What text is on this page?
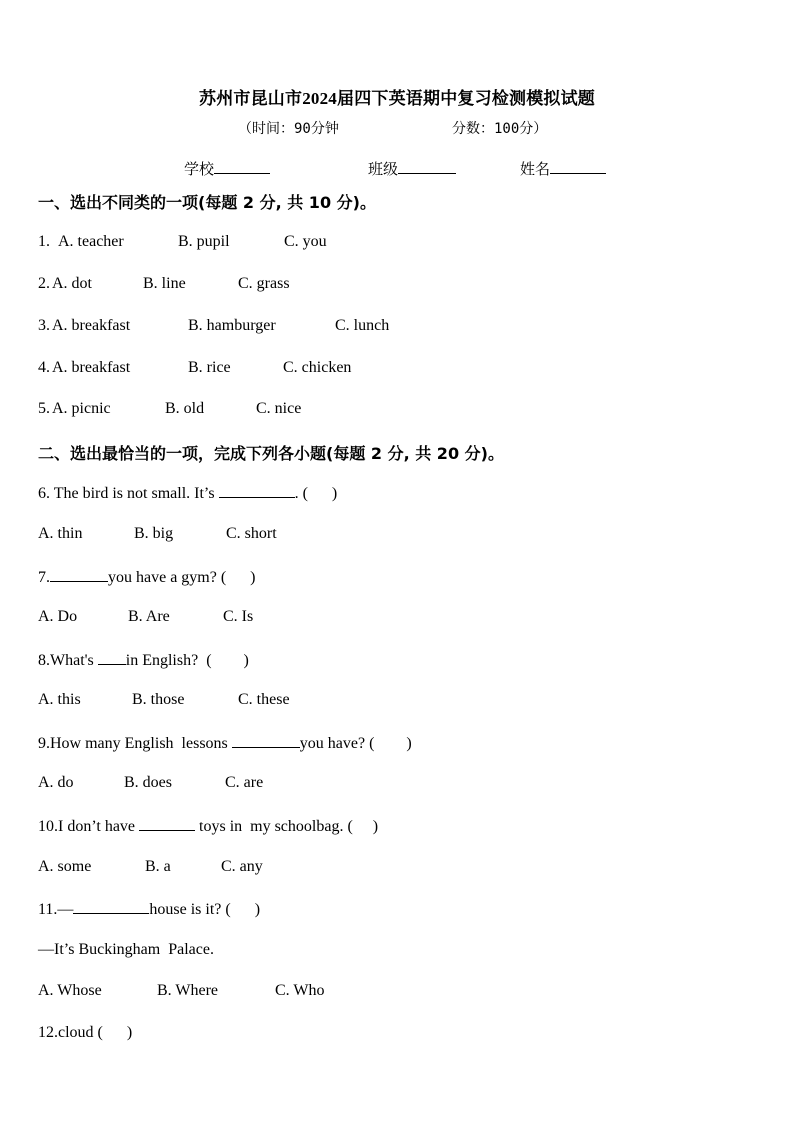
苏州市昆山市2024届四下英语期中复习检测模拟试题
（时间：90分钟	分数：100分）
学校	班级	姓名
一、选出不同类的一项(每题 2 分, 共 10 分)。
1. A. teacher	B. pupil	C. you
2. A. dot	B. line	C. grass
3. A. breakfast	B. hamburger	C. lunch
4. A. breakfast	B. rice	C. chicken
5. A. picnic	B. old	C. nice
二、选出最恰当的一项，完成下列各小题(每题 2 分, 共 20 分)。
6. The bird is not small. It’s	. (      )
A. thin	B. big	C. short
7.	you have a gym? (      )
A. Do	B. Are	C. Is
8.What's in English?  (        )
A. this	B. those	C. these
9.How many English  lessons	you have? (        )
A. do	B. does	C. are
10.I don’t have	toys in  my schoolbag. (     )
A. some	B. a	C. any
11.—	house is it? (      )
—It’s Buckingham  Palace.
A. Whose	B. Where	C. Who
12.cloud (      )
